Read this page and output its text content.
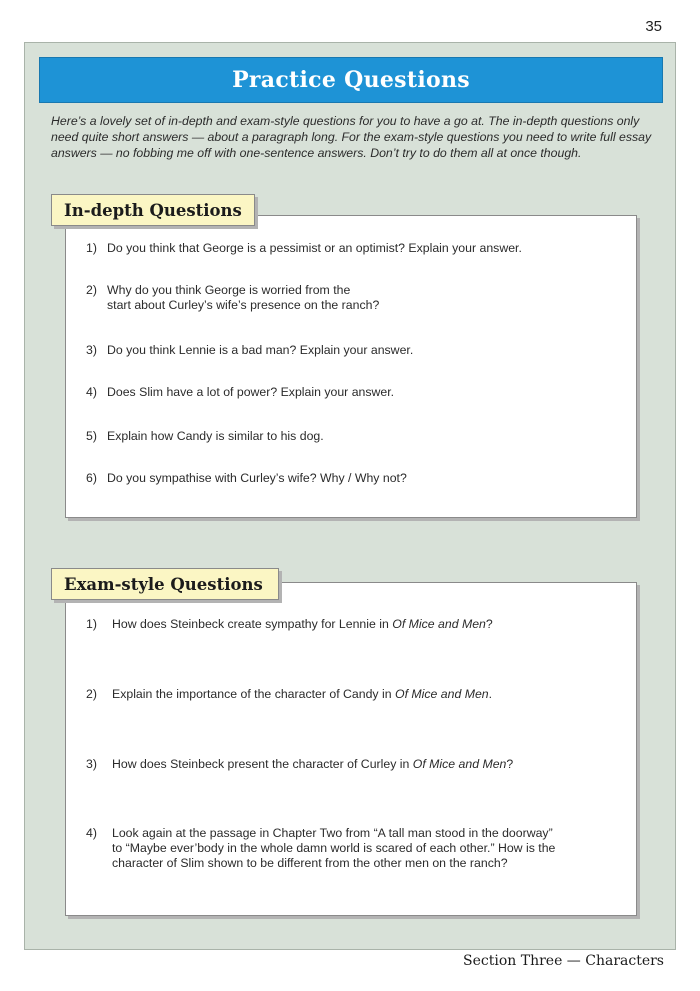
35
Practice Questions

Here’s a lovely set of in-depth and exam-style questions for you to have a go at. The in-depth questions only need quite short answers — about a paragraph long. For the exam-style questions you need to write full essay answers — no fobbing me off with one-sentence answers. Don’t try to do them all at once though.

1) Do you think that George is a pessimist or an optimist? Explain your answer.
2) Why do you think George is worried from the
start about Curley’s wife’s presence on the ranch?
3) Do you think Lennie is a bad man? Explain your answer.
4) Does Slim have a lot of power? Explain your answer.
5) Explain how Candy is similar to his dog.
6) Do you sympathise with Curley’s wife? Why / Why not?
In-depth Questions
1) How does Steinbeck create sympathy for Lennie in Of Mice and Men?
2) Explain the importance of the character of Candy in Of Mice and Men.
3) How does Steinbeck present the character of Curley in Of Mice and Men?
4) Look again at the passage in Chapter Two from “A tall man stood in the doorway”
to “Maybe ever’body in the whole damn world is scared of each other.” How is the
character of Slim shown to be different from the other men on the ranch?
Exam-style Questions
Section Three — Characters
